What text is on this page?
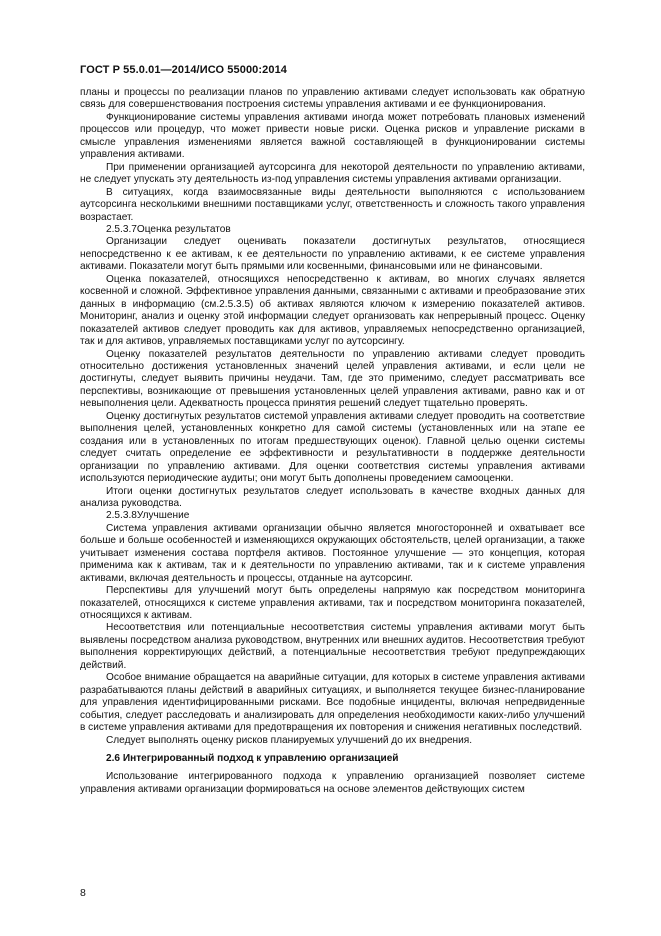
ГОСТ Р 55.0.01—2014/ИСО 55000:2014

планы и процессы по реализации планов по управлению активами следует использовать как обратную связь для совершенствования построения системы управления активами и ее функционирования.

Функционирование системы управления активами иногда может потребовать плановых изменений процессов или процедур, что может привести новые риски. Оценка рисков и управление рисками в смысле управления изменениями является важной составляющей в функционировании системы управления активами.

При применении организацией аутсорсинга для некоторой деятельности по управлению активами, не следует упускать эту деятельность из-под управления системы управления активами организации.

В ситуациях, когда взаимосвязанные виды деятельности выполняются с использованием аутсорсинга несколькими внешними поставщиками услуг, ответственность и сложность такого управления возрастает.

2.5.3.7Оценка результатов

Организации следует оценивать показатели достигнутых результатов, относящиеся непосредственно к ее активам, к ее деятельности по управлению активами, к ее системе управления активами. Показатели могут быть прямыми или косвенными, финансовыми или не финансовыми.

Оценка показателей, относящихся непосредственно к активам, во многих случаях является косвенной и сложной. Эффективное управления данными, связанными с активами и преобразование этих данных в информацию (см.2.5.3.5) об активах являются ключом к измерению показателей активов. Мониторинг, анализ и оценку этой информации следует организовать как непрерывный процесс. Оценку показателей активов следует проводить как для активов, управляемых непосредственно организацией, так и для активов, управляемых поставщиками услуг по аутсорсингу.

Оценку показателей результатов деятельности по управлению активами следует проводить относительно достижения установленных значений целей управления активами, и если цели не достигнуты, следует выявить причины неудачи. Там, где это применимо, следует рассматривать все перспективы, возникающие от превышения установленных целей управления активами, равно как и от невыполнения цели. Адекватность процесса принятия решений следует тщательно проверять.

Оценку достигнутых результатов системой управления активами следует проводить на соответствие выполнения целей, установленных конкретно для самой системы (установленных или на этапе ее создания или в установленных по итогам предшествующих оценок). Главной целью оценки системы следует считать определение ее эффективности и результативности в поддержке деятельности организации по управлению активами. Для оценки соответствия системы управления активами используются периодические аудиты; они могут быть дополнены проведением самооценки.

Итоги оценки достигнутых результатов следует использовать в качестве входных данных для анализа руководства.

2.5.3.8Улучшение

Система управления активами организации обычно является многосторонней и охватывает все больше и больше особенностей и изменяющихся окружающих обстоятельств, целей организации, а также учитывает изменения состава портфеля активов. Постоянное улучшение — это концепция, которая применима как к активам, так и к деятельности по управлению активами, так и к системе управления активами, включая деятельность и процессы, отданные на аутсорсинг.

Перспективы для улучшений могут быть определены напрямую как посредством мониторинга показателей, относящихся к системе управления активами, так и посредством мониторинга показателей, относящихся к активам.

Несоответствия или потенциальные несоответствия системы управления активами могут быть выявлены посредством анализа руководством, внутренних или внешних аудитов. Несоответствия требуют выполнения корректирующих действий, а потенциальные несоответствия требуют предупреждающих действий.

Особое внимание обращается на аварийные ситуации, для которых в системе управления активами разрабатываются планы действий в аварийных ситуациях, и выполняется текущее бизнес-планирование для управления идентифицированными рисками. Все подобные инциденты, включая непредвиденные события, следует расследовать и анализировать для определения необходимости каких-либо улучшений в системе управления активами для предотвращения их повторения и снижения негативных последствий.

Следует выполнять оценку рисков планируемых улучшений до их внедрения.

2.6 Интегрированный подход к управлению организацией

Использование интегрированного подхода к управлению организацией позволяет системе управления активами организации формироваться на основе элементов действующих систем

8
